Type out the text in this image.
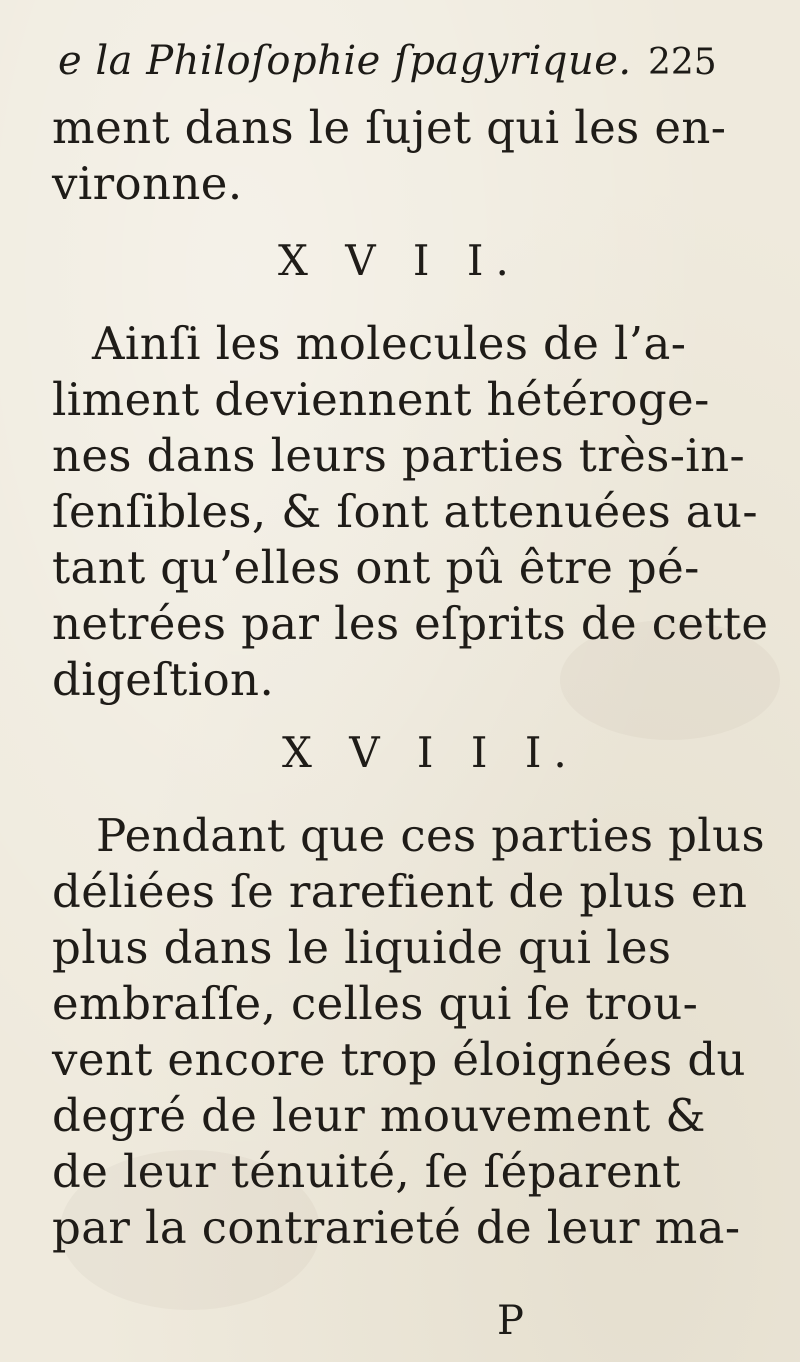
e la Philoſophie ſpagyrique. 225
ment dans le ſujet qui les en-
vironne.
X V I I.
Ainſi les molecules de l’a-
liment deviennent hétéroge-
nes dans leurs parties très-in-
ſenſibles, & ſont attenuées au-
tant qu’elles ont pû être pé-
netrées par les eſprits de cette
digeſtion.
X V I I I.
Pendant que ces parties plus
déliées ſe rarefient de plus en
plus dans le liquide qui les
embraſſe, celles qui ſe trou-
vent encore trop éloignées du
degré de leur mouvement &
de leur ténuité, ſe ſéparent
par la contrarieté de leur ma-
P
